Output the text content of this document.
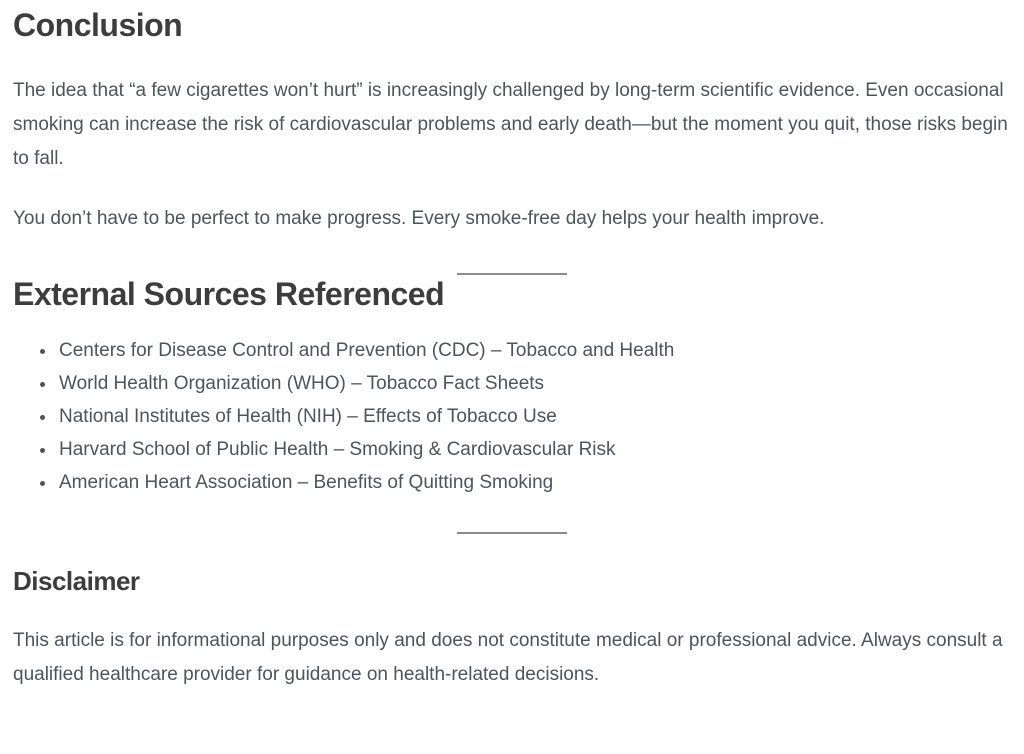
Conclusion

The idea that “a few cigarettes won’t hurt” is increasingly challenged by long-term scientific evidence. Even occasional smoking can increase the risk of cardiovascular problems and early death—but the moment you quit, those risks begin to fall.

You don’t have to be perfect to make progress. Every smoke-free day helps your health improve.

External Sources Referenced
• Centers for Disease Control and Prevention (CDC) – Tobacco and Health
• World Health Organization (WHO) – Tobacco Fact Sheets
• National Institutes of Health (NIH) – Effects of Tobacco Use
• Harvard School of Public Health – Smoking & Cardiovascular Risk
• American Heart Association – Benefits of Quitting Smoking
Disclaimer

This article is for informational purposes only and does not constitute medical or professional advice. Always consult a qualified healthcare provider for guidance on health-related decisions.
